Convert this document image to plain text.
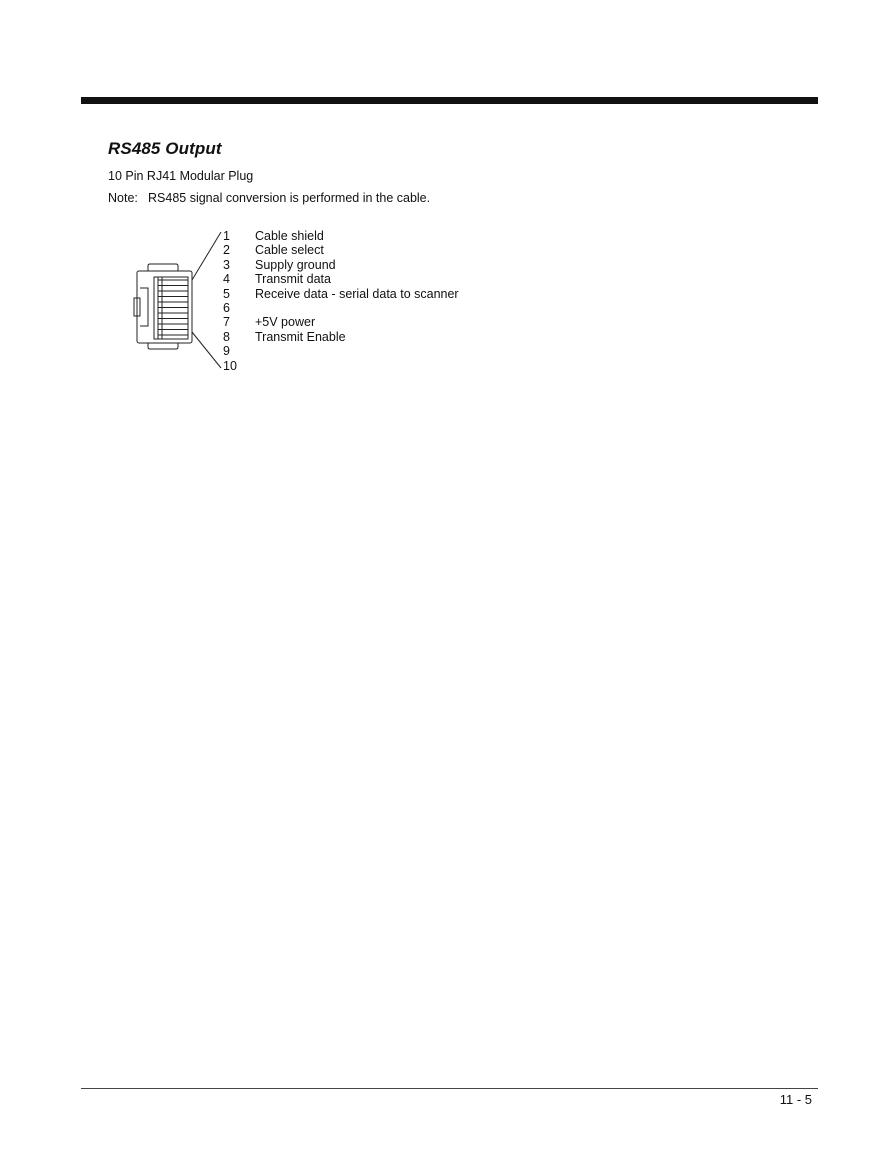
RS485 Output
10 Pin RJ41 Modular Plug
Note: RS485 signal conversion is performed in the cable.
1	Cable shield
2	Cable select
3	Supply ground
4	Transmit data
5	Receive data - serial data to scanner
6
7	+5V power
8	Transmit Enable
9
10
11 - 5
